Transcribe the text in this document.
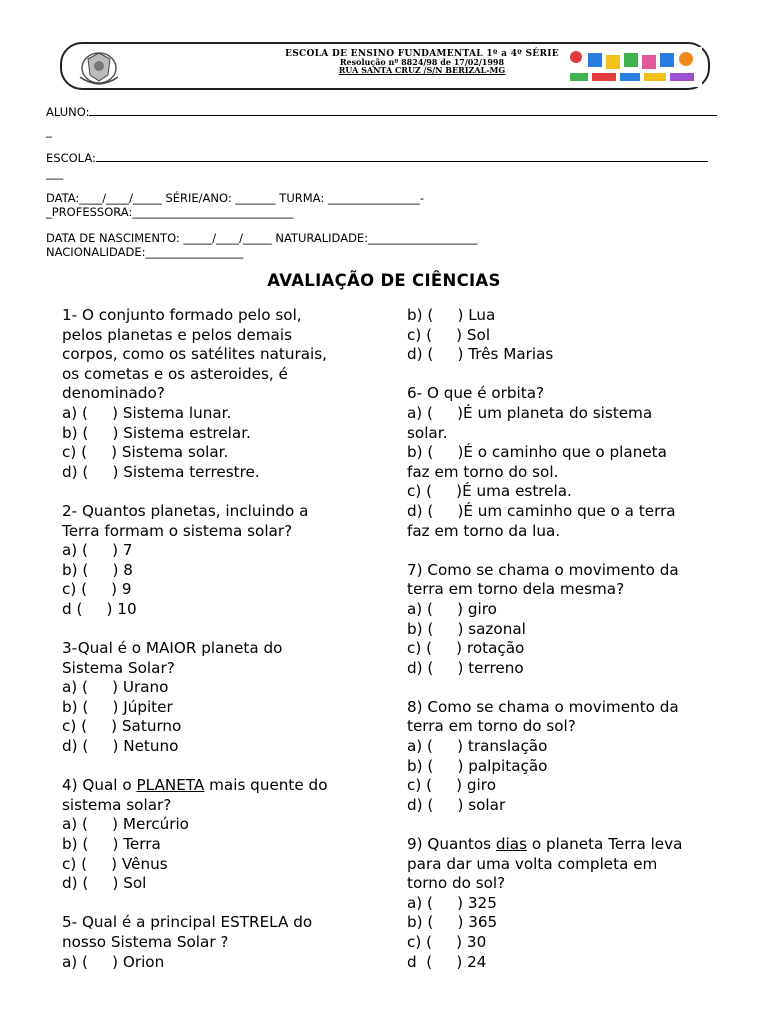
ESCOLA DE ENSINO FUNDAMENTAL 1º a 4º SÉRIE
Resolução nº 8824/98 de 17/02/1998
RUA SANTA CRUZ /S/N BERIZAL-MG
ALUNO:
_
ESCOLA:
___
DATA:____/____/_____ SÉRIE/ANO: _______ TURMA: ________________-
_PROFESSORA:____________________________
DATA DE NASCIMENTO: _____/____/_____ NATURALIDADE:___________________
NACIONALIDADE:_________________
AVALIAÇÃO DE CIÊNCIAS
1- O conjunto formado pelo sol,
pelos planetas e pelos demais
corpos, como os satélites naturais,
os cometas e os asteroides, é
denominado?
a) (     ) Sistema lunar.
b) (     ) Sistema estrelar.
c) (     ) Sistema solar.
d) (     ) Sistema terrestre.
2- Quantos planetas, incluindo a
Terra formam o sistema solar?
a) (     ) 7
b) (     ) 8
c) (     ) 9
d (     ) 10
3-Qual é o MAIOR planeta do
Sistema Solar?
a) (     ) Urano
b) (     ) Júpiter
c) (     ) Saturno
d) (     ) Netuno
4) Qual o PLANETA mais quente do
sistema solar?
a) (     ) Mercúrio
b) (     ) Terra
c) (     ) Vênus
d) (     ) Sol
5- Qual é a principal ESTRELA do
nosso Sistema Solar ?
a) (     ) Orion
b) (     ) Lua
c) (     ) Sol
d) (     ) Três Marias
6- O que é orbita?
a) (     )É um planeta do sistema
solar.
b) (     )É o caminho que o planeta
faz em torno do sol.
c) (     )É uma estrela.
d) (     )É um caminho que o a terra
faz em torno da lua.
7) Como se chama o movimento da
terra em torno dela mesma?
a) (     ) giro
b) (     ) sazonal
c) (     ) rotação
d) (     ) terreno
8) Como se chama o movimento da
terra em torno do sol?
a) (     ) translação
b) (     ) palpitação
c) (     ) giro
d) (     ) solar
9) Quantos dias o planeta Terra leva
para dar uma volta completa em
torno do sol?
a) (     ) 325
b) (     ) 365
c) (     ) 30
d  (     ) 24
